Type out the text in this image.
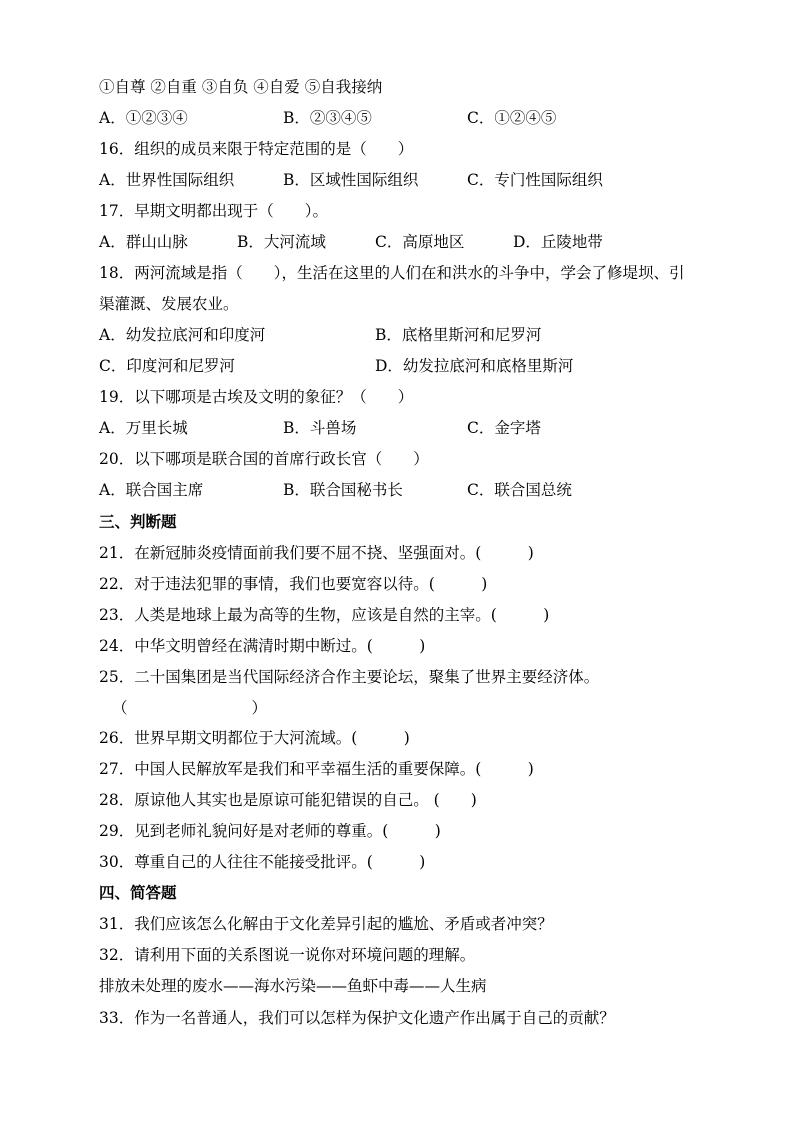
①自尊 ②自重 ③自负 ④自爱 ⑤自我接纳
A．①②③④	B．②③④⑤	C．①②④⑤
16．组织的成员来限于特定范围的是（　　）
A．世界性国际组织	B．区域性国际组织	C．专门性国际组织
17．早期文明都出现于（　　）。
A．群山山脉	B．大河流域	C．高原地区	D．丘陵地带
18．两河流域是指（　　），生活在这里的人们在和洪水的斗争中，学会了修堤坝、引
渠灌溉、发展农业。
A．幼发拉底河和印度河	B．底格里斯河和尼罗河
C．印度河和尼罗河	D．幼发拉底河和底格里斯河
19．以下哪项是古埃及文明的象征？（　　）
A．万里长城	B．斗兽场	C．金字塔
20．以下哪项是联合国的首席行政长官（　　）
A．联合国主席	B．联合国秘书长	C．联合国总统
三、判断题
21．在新冠肺炎疫情面前我们要不屈不挠、坚强面对。(　　　)
22．对于违法犯罪的事情，我们也要宽容以待。(　　　)
23．人类是地球上最为高等的生物，应该是自然的主宰。(　　　)
24．中华文明曾经在满清时期中断过。(　　　)
25．二十国集团是当代国际经济合作主要论坛，聚集了世界主要经济体。
（　　　　　　　　）
26．世界早期文明都位于大河流域。(　　　)
27．中国人民解放军是我们和平幸福生活的重要保障。(　　　)
28．原谅他人其实也是原谅可能犯错误的自己。 (　　)
29．见到老师礼貌问好是对老师的尊重。(　　　)
30．尊重自己的人往往不能接受批评。(　　　)
四、简答题
31．我们应该怎么化解由于文化差异引起的尴尬、矛盾或者冲突？
32．请利用下面的关系图说一说你对环境问题的理解。
排放未处理的废水——海水污染——鱼虾中毒——人生病
33．作为一名普通人，我们可以怎样为保护文化遗产作出属于自己的贡献？
